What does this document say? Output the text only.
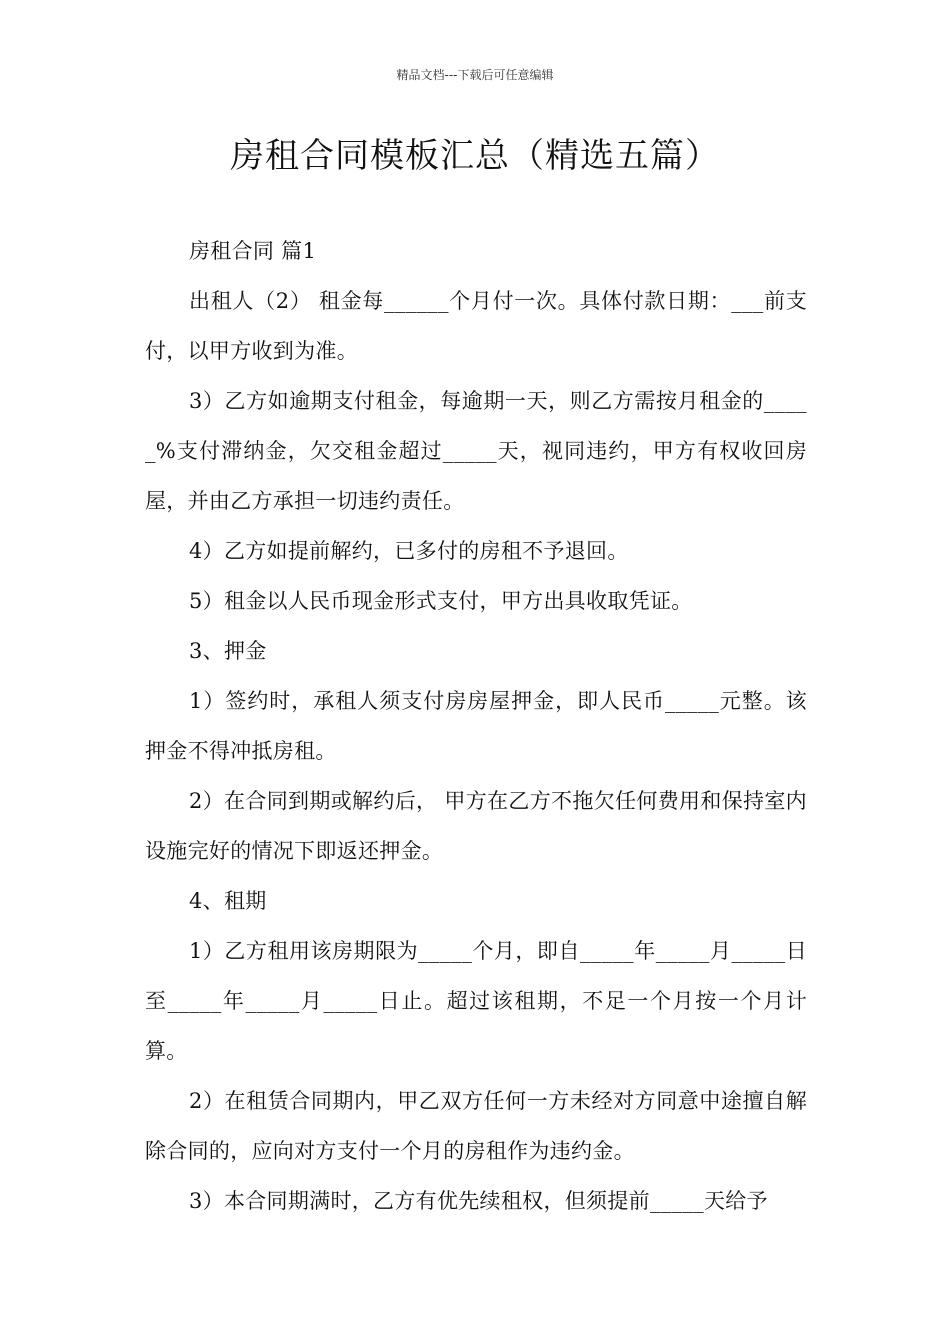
精品文档---下载后可任意编辑
房租合同模板汇总（精选五篇）

房租合同 篇1

出租人（2） 租金每______个月付一次。具体付款日期：___前支付，以甲方收到为准。

3）乙方如逾期支付租金，每逾期一天，则乙方需按月租金的_____%支付滞纳金，欠交租金超过_____天，视同违约，甲方有权收回房屋，并由乙方承担一切违约责任。

4）乙方如提前解约，已多付的房租不予退回。

5）租金以人民币现金形式支付，甲方出具收取凭证。

3、押金

1）签约时，承租人须支付房房屋押金，即人民币_____元整。该押金不得冲抵房租。

2）在合同到期或解约后， 甲方在乙方不拖欠任何费用和保持室内设施完好的情况下即返还押金。

4、租期

1）乙方租用该房期限为_____个月，即自_____年_____月_____日至_____年_____月_____日止。超过该租期，不足一个月按一个月计算。

2）在租赁合同期内，甲乙双方任何一方未经对方同意中途擅自解除合同的，应向对方支付一个月的房租作为违约金。

3）本合同期满时，乙方有优先续租权，但须提前_____天给予
